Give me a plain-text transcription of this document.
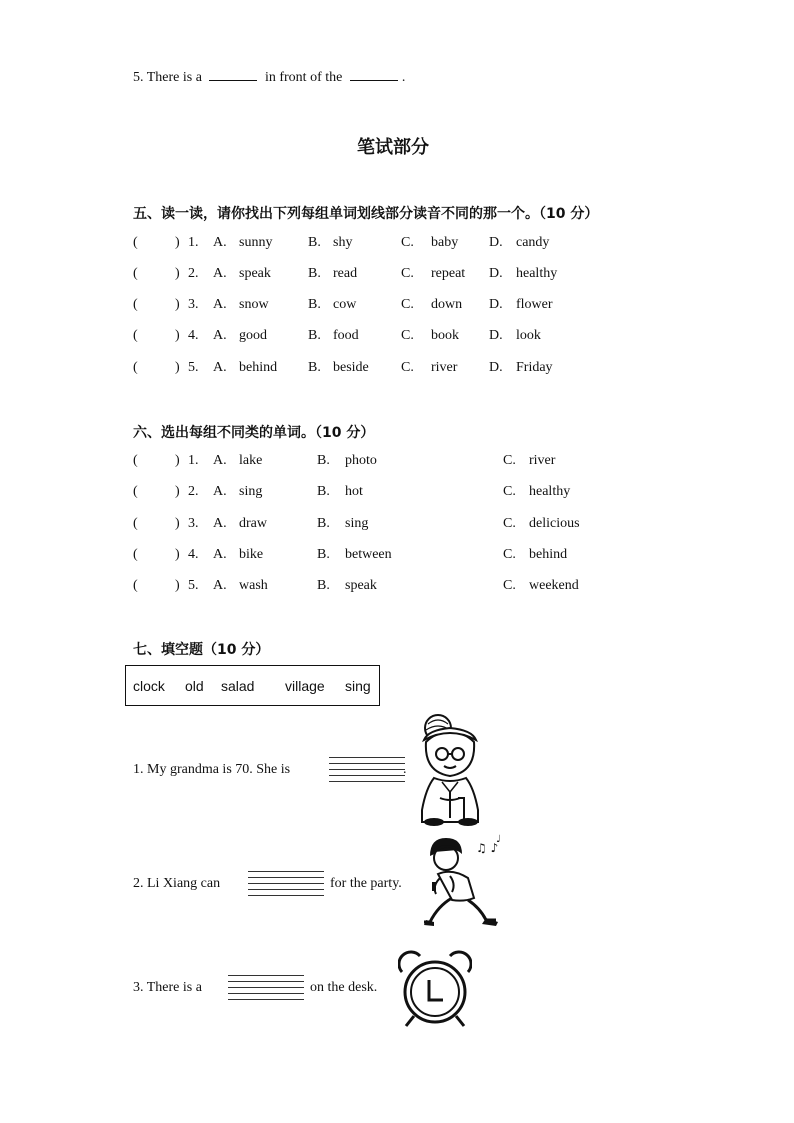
5. There is a	in front of the	.
笔试部分
五、读一读，请你找出下列每组单词划线部分读音不同的那一个。（10 分）
(	) 1. A. sunny	B. shy	C. baby D. candy
(	) 2. A. speak	B. read	C. repeat D. healthy
(	) 3. A. snow	B. cow	C. down D. flower
(	) 4. A. good	B. food	C. book D. look
(	) 5. A. behind B. beside C. river D. Friday
六、选出每组不同类的单词。（10 分）
(	) 1. A. lake	B. photo	C. river
(	) 2. A. sing	B. hot	C. healthy
(	) 3. A. draw	B. sing	C. delicious
(	) 4. A. bike	B. between	C. behind
(	) 5. A. wash	B. speak	C. weekend
七、填空题（10 分）
clock old salad village sing
1. My grandma is 70. She is	.
2. Li Xiang can	for the party.
♫ ♪
♩
3. There is a	on the desk.
